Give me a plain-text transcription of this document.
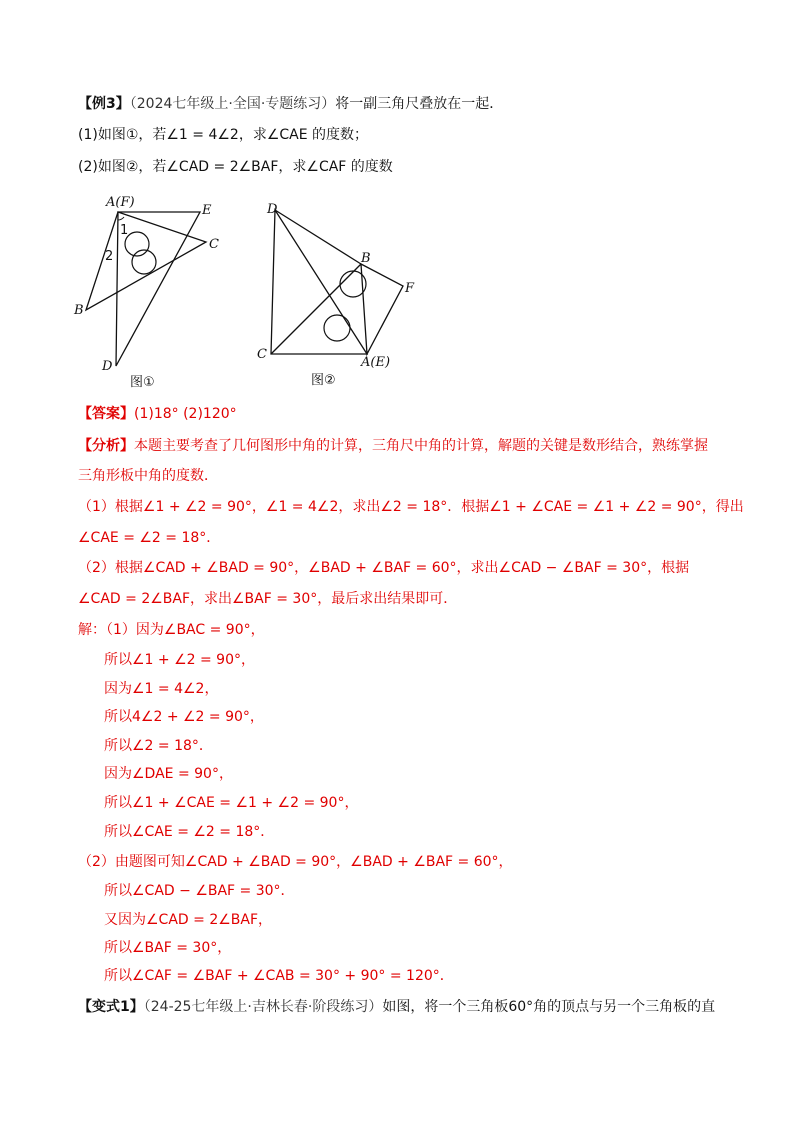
【例3】（2024七年级上·全国·专题练习）将一副三角尺叠放在一起．
(1)如图①，若∠1 = 4∠2，求∠CAE 的度数；
(2)如图②，若∠CAD = 2∠BAF，求∠CAF 的度数
A(F)
E
C
B
D
1
2
图①
D
B
F
C
A(E)
图②
【答案】(1)18° (2)120°
【分析】本题主要考查了几何图形中角的计算，三角尺中角的计算，解题的关键是数形结合，熟练掌握
三角形板中角的度数．
（1）根据∠1 + ∠2 = 90°，∠1 = 4∠2，求出∠2 = 18°．根据∠1 + ∠CAE = ∠1 + ∠2 = 90°，得出
∠CAE = ∠2 = 18°．
（2）根据∠CAD + ∠BAD = 90°，∠BAD + ∠BAF = 60°，求出∠CAD − ∠BAF = 30°，根据
∠CAD = 2∠BAF，求出∠BAF = 30°，最后求出结果即可．
解：（1）因为∠BAC = 90°，
所以∠1 + ∠2 = 90°，
因为∠1 = 4∠2，
所以4∠2 + ∠2 = 90°，
所以∠2 = 18°．
因为∠DAE = 90°，
所以∠1 + ∠CAE = ∠1 + ∠2 = 90°，
所以∠CAE = ∠2 = 18°．
（2）由题图可知∠CAD + ∠BAD = 90°，∠BAD + ∠BAF = 60°，
所以∠CAD − ∠BAF = 30°．
又因为∠CAD = 2∠BAF，
所以∠BAF = 30°，
所以∠CAF = ∠BAF + ∠CAB = 30° + 90° = 120°．
【变式1】（24-25七年级上·吉林长春·阶段练习）如图，将一个三角板60°角的顶点与另一个三角板的直
